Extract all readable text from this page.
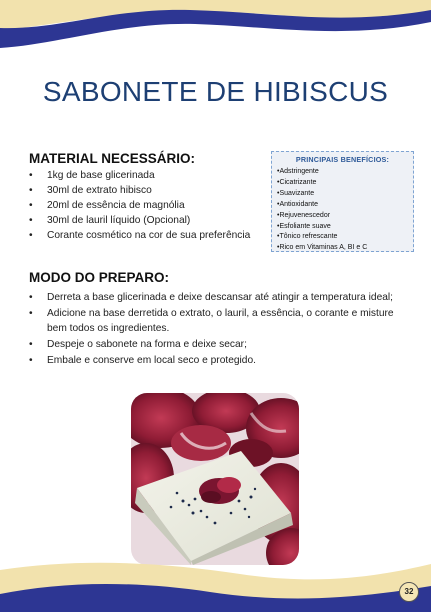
SABONETE DE HIBISCUS
MATERIAL NECESSÁRIO:
• 1kg de base glicerinada
• 30ml de extrato hibisco
• 20ml de essência de magnólia
• 30ml de lauril líquido (Opcional)
• Corante cosmético na cor de sua preferência
PRINCIPAIS BENEFÍCIOS:
•Adstringente
•Cicatrizante
•Suavizante
•Antioxidante
•Rejuvenescedor
•Esfoliante suave
•Tônico refrescante
•Rico em Vitaminas A, BI e C
MODO DO PREPARO:
• Derreta a base glicerinada e deixe descansar até atingir a temperatura ideal;
• Adicione na base derretida o extrato, o lauril, a essência, o corante e misture bem todos os ingredientes.
• Despeje o sabonete na forma e deixe secar;
• Embale e conserve em local seco e protegido.
32
